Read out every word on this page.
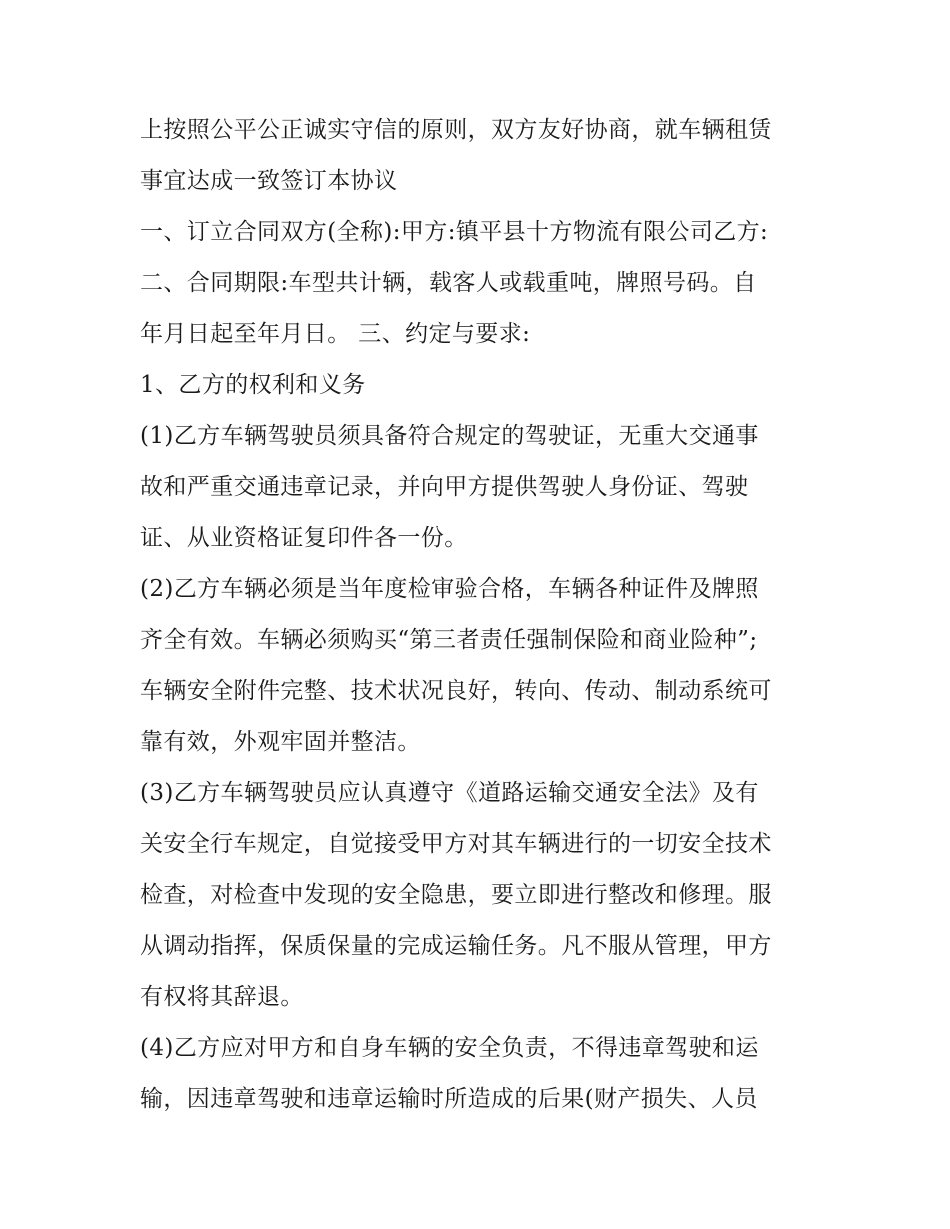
上按照公平公正诚实守信的原则，双方友好协商，就车辆租赁
事宜达成一致签订本协议
一、订立合同双方(全称):甲方:镇平县十方物流有限公司乙方:
二、合同期限:车型共计辆，载客人或载重吨，牌照号码。自
年月日起至年月日。 三、约定与要求:
1、乙方的权利和义务
(1)乙方车辆驾驶员须具备符合规定的驾驶证，无重大交通事
故和严重交通违章记录，并向甲方提供驾驶人身份证、驾驶
证、从业资格证复印件各一份。
(2)乙方车辆必须是当年度检审验合格，车辆各种证件及牌照
齐全有效。车辆必须购买“第三者责任强制保险和商业险种”;
车辆安全附件完整、技术状况良好，转向、传动、制动系统可
靠有效，外观牢固并整洁。
(3)乙方车辆驾驶员应认真遵守《道路运输交通安全法》及有
关安全行车规定，自觉接受甲方对其车辆进行的一切安全技术
检查，对检查中发现的安全隐患，要立即进行整改和修理。服
从调动指挥，保质保量的完成运输任务。凡不服从管理，甲方
有权将其辞退。
(4)乙方应对甲方和自身车辆的安全负责，不得违章驾驶和运
输，因违章驾驶和违章运输时所造成的后果(财产损失、人员
